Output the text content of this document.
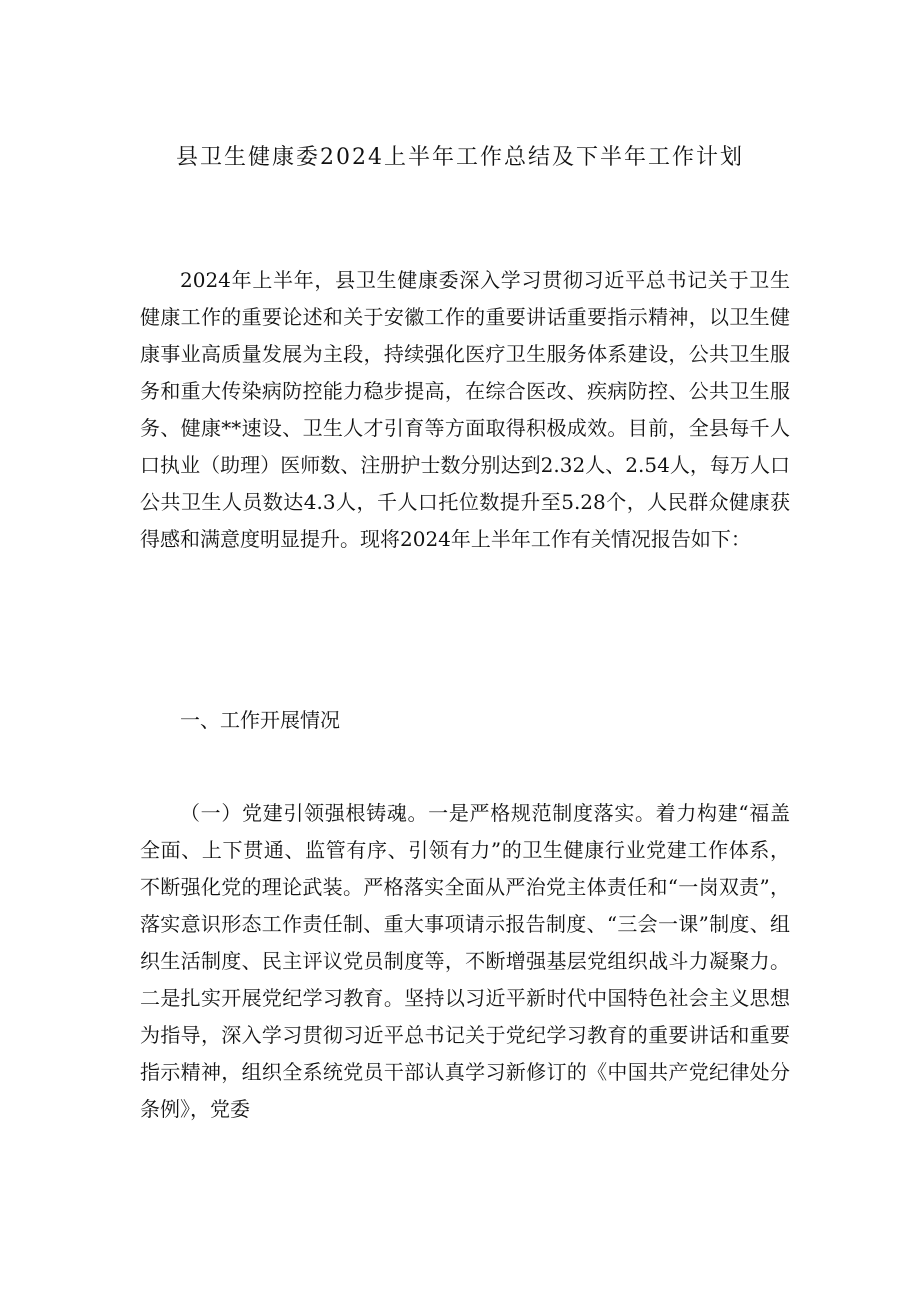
县卫生健康委2024上半年工作总结及下半年工作计划

2024年上半年，县卫生健康委深入学习贯彻习近平总书记关于卫生健康工作的重要论述和关于安徽工作的重要讲话重要指示精神，以卫生健康事业高质量发展为主段，持续强化医疗卫生服务体系建设，公共卫生服务和重大传染病防控能力稳步提高，在综合医改、疾病防控、公共卫生服务、健康**速设、卫生人才引育等方面取得积极成效。目前，全县每千人口执业（助理）医师数、注册护士数分别达到2.32人、2.54人，每万人口公共卫生人员数达4.3人，千人口托位数提升至5.28个，人民群众健康获得感和满意度明显提升。现将2024年上半年工作有关情况报告如下：

一、工作开展情况

（一）党建引领强根铸魂。一是严格规范制度落实。着力构建“福盖全面、上下贯通、监管有序、引领有力”的卫生健康行业党建工作体系，不断强化党的理论武装。严格落实全面从严治党主体责任和“一岗双责”，落实意识形态工作责任制、重大事项请示报告制度、“三会一课”制度、组织生活制度、民主评议党员制度等，不断增强基层党组织战斗力凝聚力。二是扎实开展党纪学习教育。坚持以习近平新时代中国特色社会主义思想为指导，深入学习贯彻习近平总书记关于党纪学习教育的重要讲话和重要指示精神，组织全系统党员干部认真学习新修订的《中国共产党纪律处分条例》，党委
